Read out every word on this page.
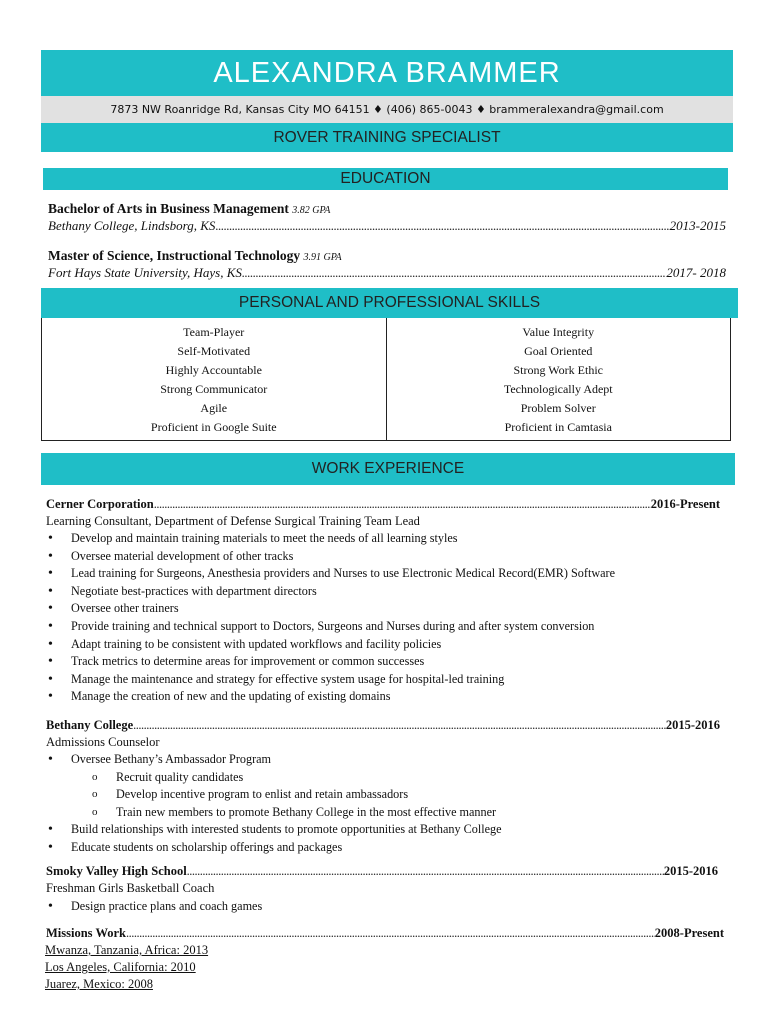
ALEXANDRA BRAMMER
7873 NW Roanridge Rd, Kansas City MO 64151 ♦ (406) 865-0043 ♦ brammeralexandra@gmail.com
ROVER TRAINING SPECIALIST
EDUCATION
Bachelor of Arts in Business Management 3.82 GPA
Bethany College, Lindsborg, KS .....	2013-2015
Master of Science, Instructional Technology 3.91 GPA
Fort Hays State University, Hays, KS .....	2017- 2018
PERSONAL AND PROFESSIONAL SKILLS
Team-Player	Value Integrity
Self-Motivated	Goal Oriented
Highly Accountable	Strong Work Ethic
Strong Communicator	Technologically Adept
Agile	Problem Solver
Proficient in Google Suite	Proficient in Camtasia
WORK EXPERIENCE
Cerner Corporation .....	2016-Present
Learning Consultant, Department of Defense Surgical Training Team Lead
• Develop and maintain training materials to meet the needs of all learning styles
• Oversee material development of other tracks
• Lead training for Surgeons, Anesthesia providers and Nurses to use Electronic Medical Record(EMR) Software
• Negotiate best-practices with department directors
• Oversee other trainers
• Provide training and technical support to Doctors, Surgeons and Nurses during and after system conversion
• Adapt training to be consistent with updated workflows and facility policies
• Track metrics to determine areas for improvement or common successes
• Manage the maintenance and strategy for effective system usage for hospital-led training
• Manage the creation of new and the updating of existing domains
Bethany College .....	2015-2016
Admissions Counselor
• Oversee Bethany’s Ambassador Program
o Recruit quality candidates
o Develop incentive program to enlist and retain ambassadors
o Train new members to promote Bethany College in the most effective manner
• Build relationships with interested students to promote opportunities at Bethany College
• Educate students on scholarship offerings and packages
Smoky Valley High School .....	2015-2016
Freshman Girls Basketball Coach
• Design practice plans and coach games
Missions Work .....	2008-Present
Mwanza, Tanzania, Africa: 2013
Los Angeles, California: 2010
Juarez, Mexico: 2008
